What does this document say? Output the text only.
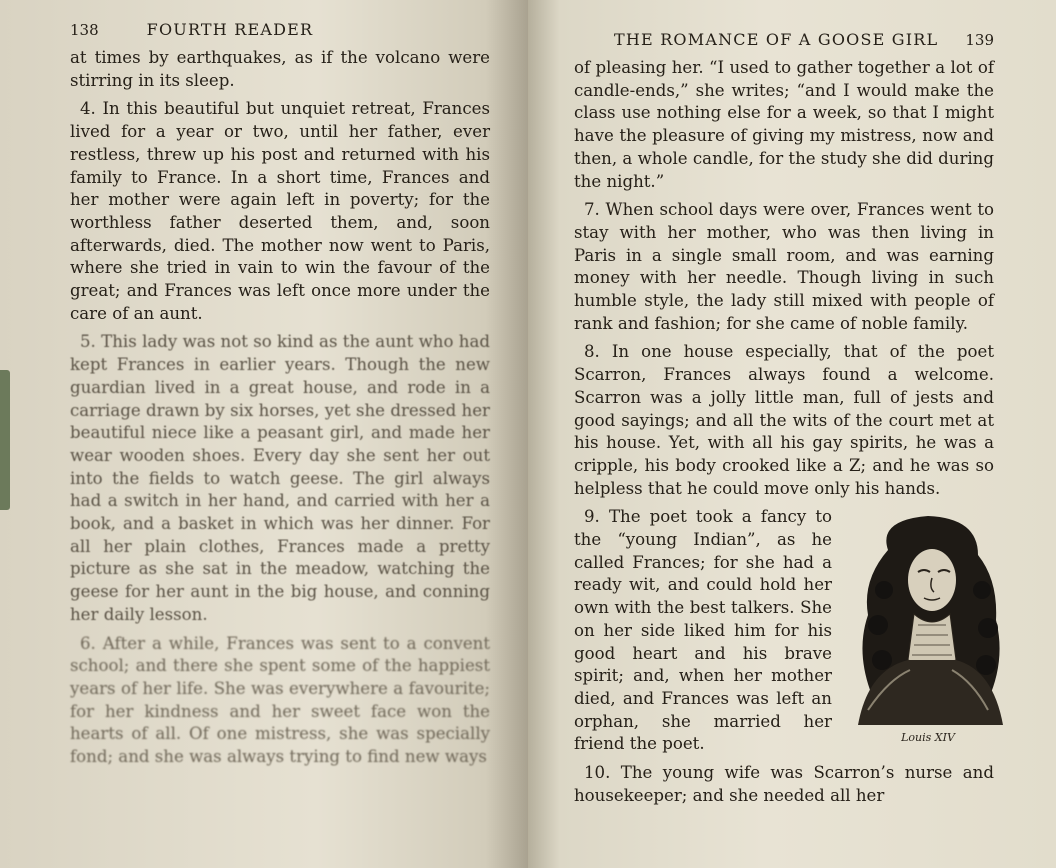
138	FOURTH READER

at times by earthquakes, as if the volcano were stirring in its sleep.

4. In this beautiful but unquiet retreat, Frances lived for a year or two, until her father, ever restless, threw up his post and returned with his family to France. In a short time, Frances and her mother were again left in poverty; for the worthless father deserted them, and, soon afterwards, died. The mother now went to Paris, where she tried in vain to win the favour of the great; and Frances was left once more under the care of an aunt.

5. This lady was not so kind as the aunt who had kept Frances in earlier years. Though the new guardian lived in a great house, and rode in a carriage drawn by six horses, yet she dressed her beautiful niece like a peasant girl, and made her wear wooden shoes. Every day she sent her out into the fields to watch geese. The girl always had a switch in her hand, and carried with her a book, and a basket in which was her dinner. For all her plain clothes, Frances made a pretty picture as she sat in the meadow, watching the geese for her aunt in the big house, and conning her daily lesson.

6. After a while, Frances was sent to a convent school; and there she spent some of the happiest years of her life. She was everywhere a favourite; for her kindness and her sweet face won the hearts of all. Of one mistress, she was specially fond; and she was always trying to find new ways

THE ROMANCE OF A GOOSE GIRL	139

of pleasing her. “I used to gather together a lot of candle-ends,” she writes; “and I would make the class use nothing else for a week, so that I might have the pleasure of giving my mistress, now and then, a whole candle, for the study she did during the night.”

7. When school days were over, Frances went to stay with her mother, who was then living in Paris in a single small room, and was earning money with her needle. Though living in such humble style, the lady still mixed with people of rank and fashion; for she came of noble family.

8. In one house especially, that of the poet Scarron, Frances always found a welcome. Scarron was a jolly little man, full of jests and good sayings; and all the wits of the court met at his house. Yet, with all his gay spirits, he was a cripple, his body crooked like a Z; and he was so helpless that he could move only his hands.

Louis XIV

9. The poet took a fancy to the “young Indian”, as he called Frances; for she had a ready wit, and could hold her own with the best talkers. She on her side liked him for his good heart and his brave spirit; and, when her mother died, and Frances was left an orphan, she married her friend the poet.

10. The young wife was Scarron’s nurse and housekeeper; and she needed all her
